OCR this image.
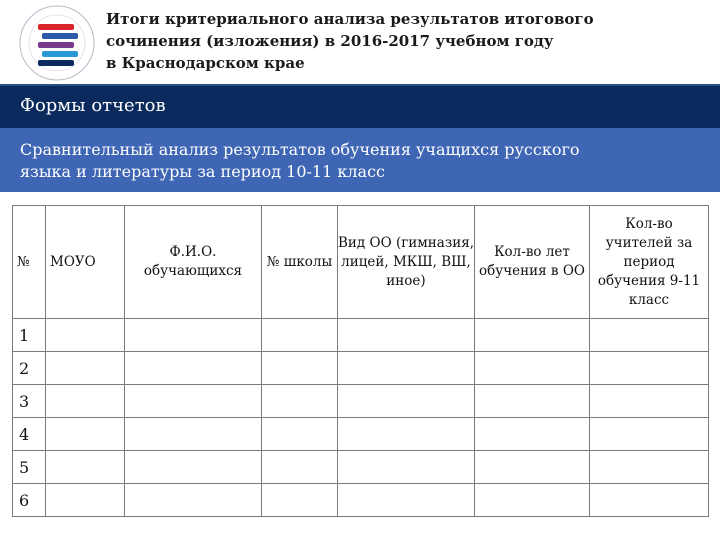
Итоги критериального анализа результатов итогового
сочинения (изложения) в 2016-2017 учебном году
в Краснодарском крае
Формы отчетов
Сравнительный анализ результатов обучения учащихся русского
языка и литературы за период 10-11 класс
№	МОУО	Ф.И.О. обучающихся	№ школы	Вид ОО (гимназия, лицей, МКШ, ВШ, иное)	Кол-во лет обучения в ОО	Кол-во учителей за период обучения 9-11 класс
1						
2						
3						
4						
5						
6						
